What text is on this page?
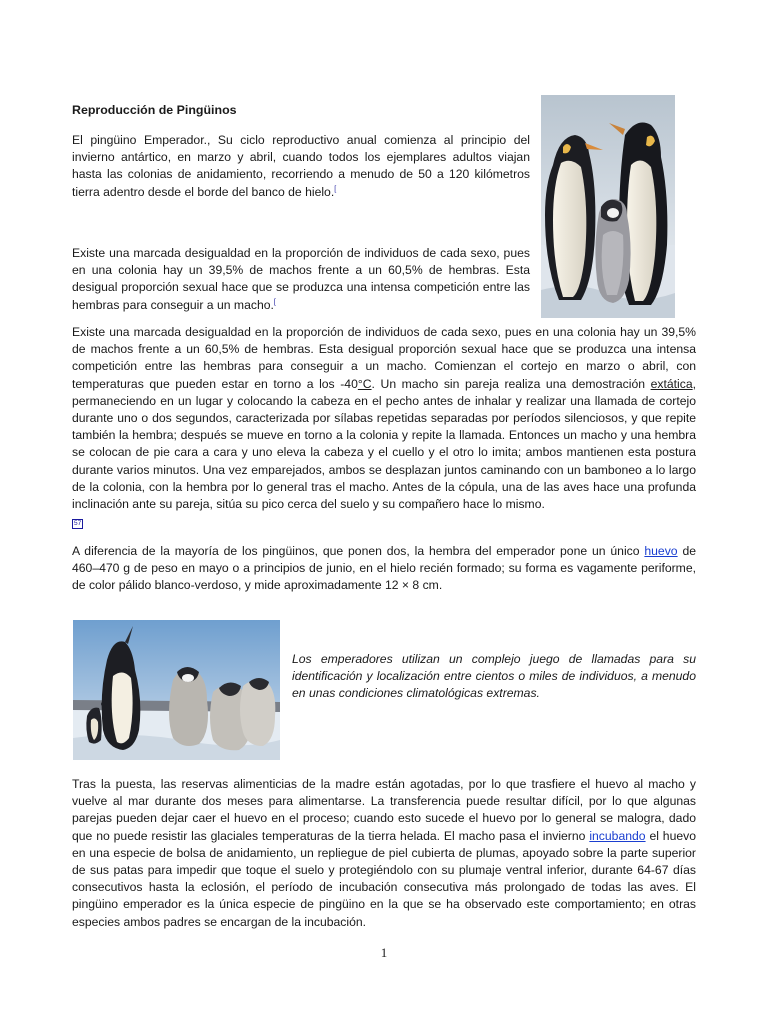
Reproducción de Pingüinos
El pingüino Emperador., Su ciclo reproductivo anual comienza al principio del invierno antártico, en marzo y abril, cuando todos los ejemplares adultos viajan hasta las colonias de anidamiento, recorriendo a menudo de 50 a 120 kilómetros tierra adentro desde el borde del banco de hielo.[
Existe una marcada desigualdad en la proporción de individuos de cada sexo, pues en una colonia hay un 39,5% de machos frente a un 60,5% de hembras. Esta desigual proporción sexual hace que se produzca una intensa competición entre las hembras para conseguir a un macho.[
Existe una marcada desigualdad en la proporción de individuos de cada sexo, pues en una colonia hay un 39,5% de machos frente a un 60,5% de hembras. Esta desigual proporción sexual hace que se produzca una intensa competición entre las hembras para conseguir a un macho. Comienzan el cortejo en marzo o abril, con temperaturas que pueden estar en torno a los -40°C. Un macho sin pareja realiza una demostración extática, permaneciendo en un lugar y colocando la cabeza en el pecho antes de inhalar y realizar una llamada de cortejo durante uno o dos segundos, caracterizada por sílabas repetidas separadas por períodos silenciosos, y que repite también la hembra; después se mueve en torno a la colonia y repite la llamada. Entonces un macho y una hembra se colocan de pie cara a cara y uno eleva la cabeza y el cuello y el otro lo imita; ambos mantienen esta postura durante varios minutos. Una vez emparejados, ambos se desplazan juntos caminando con un bamboneo a lo largo de la colonia, con la hembra por lo general tras el macho. Antes de la cópula, una de las aves hace una profunda inclinación ante su pareja, sitúa su pico cerca del suelo y su compañero hace lo mismo.
57
A diferencia de la mayoría de los pingüinos, que ponen dos, la hembra del emperador pone un único huevo de 460–470 g de peso en mayo o a principios de junio, en el hielo recién formado; su forma es vagamente periforme, de color pálido blanco-verdoso, y mide aproximadamente 12 × 8 cm.
Los emperadores utilizan un complejo juego de llamadas para su identificación y localización entre cientos o miles de individuos, a menudo en unas condiciones climatológicas extremas.
Tras la puesta, las reservas alimenticias de la madre están agotadas, por lo que trasfiere el huevo al macho y vuelve al mar durante dos meses para alimentarse. La transferencia puede resultar difícil, por lo que algunas parejas pueden dejar caer el huevo en el proceso; cuando esto sucede el huevo por lo general se malogra, dado que no puede resistir las glaciales temperaturas de la tierra helada. El macho pasa el invierno incubando el huevo en una especie de bolsa de anidamiento, un repliegue de piel cubierta de plumas, apoyado sobre la parte superior de sus patas para impedir que toque el suelo y protegiéndolo con su plumaje ventral inferior, durante 64-67 días consecutivos hasta la eclosión, el período de incubación consecutiva más prolongado de todas las aves. El pingüino emperador es la única especie de pingüino en la que se ha observado este comportamiento; en otras especies ambos padres se encargan de la incubación.
1
